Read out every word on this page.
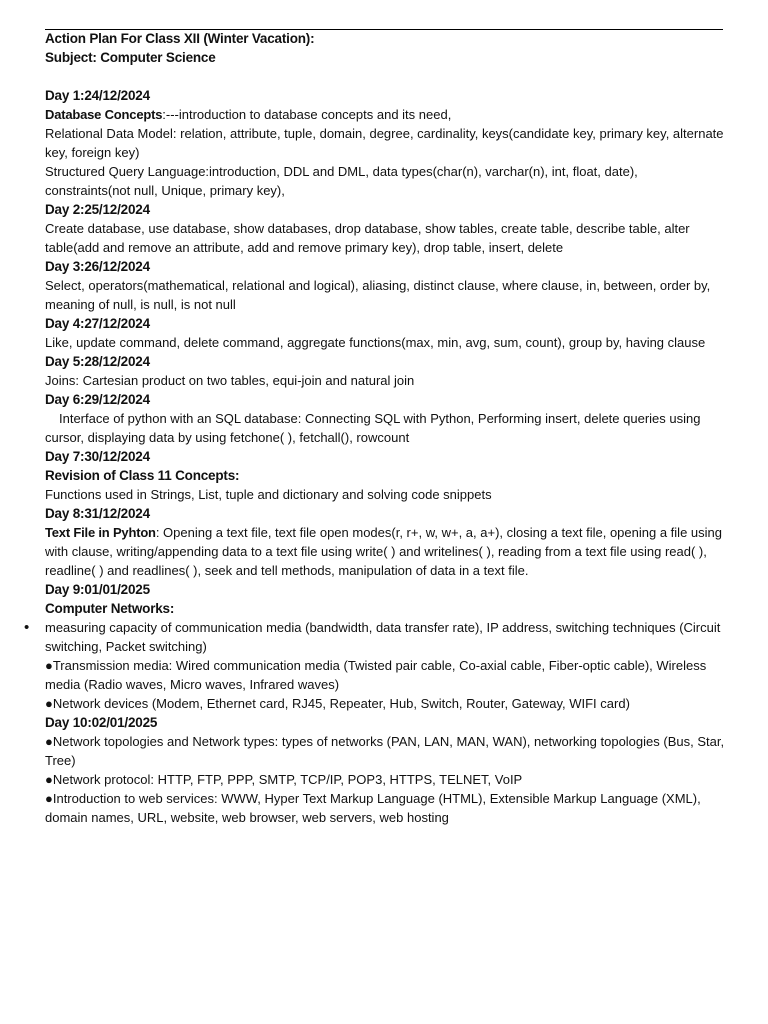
Action Plan For Class XII (Winter Vacation):
Subject: Computer Science
Day 1:24/12/2024
Database Concepts:---introduction to database concepts and its need,
Relational Data Model: relation, attribute, tuple, domain, degree, cardinality, keys(candidate key, primary key, alternate key, foreign key)
Structured Query Language:introduction, DDL and DML, data types(char(n), varchar(n), int, float, date), constraints(not null, Unique, primary key),
Day 2:25/12/2024
Create database, use database, show databases, drop database, show tables, create table, describe table, alter table(add and remove an attribute, add and remove primary key), drop table, insert, delete
Day 3:26/12/2024
Select, operators(mathematical, relational and logical), aliasing, distinct clause, where clause, in, between, order by, meaning of null, is null, is not null
Day 4:27/12/2024
Like, update command, delete command, aggregate functions(max, min, avg, sum, count), group by, having clause
Day 5:28/12/2024
Joins: Cartesian product on two tables, equi-join and natural join
Day 6:29/12/2024
Interface of python with an SQL database: Connecting SQL with Python, Performing insert, delete queries using cursor, displaying data by using fetchone( ), fetchall(), rowcount
Day 7:30/12/2024
Revision of Class 11 Concepts:
Functions used in Strings, List, tuple and dictionary and solving code snippets
Day 8:31/12/2024
Text File in Pyhton: Opening a text file, text file open modes(r, r+, w, w+, a, a+), closing a text file, opening a file using with clause, writing/appending data to a text file using write( ) and writelines( ), reading from a text file using read( ), readline( ) and readlines( ), seek and tell methods, manipulation of data in a text file.
Day 9:01/01/2025
Computer Networks:
• measuring capacity of communication media (bandwidth, data transfer rate), IP address, switching techniques (Circuit switching, Packet switching)
●Transmission media: Wired communication media (Twisted pair cable, Co-axial cable, Fiber-optic cable), Wireless media (Radio waves, Micro waves, Infrared waves)
●Network devices (Modem, Ethernet card, RJ45, Repeater, Hub, Switch, Router, Gateway, WIFI card)
Day 10:02/01/2025
●Network topologies and Network types: types of networks (PAN, LAN, MAN, WAN), networking topologies (Bus, Star, Tree)
●Network protocol: HTTP, FTP, PPP, SMTP, TCP/IP, POP3, HTTPS, TELNET, VoIP
●Introduction to web services: WWW, Hyper Text Markup Language (HTML), Extensible Markup Language (XML), domain names, URL, website, web browser, web servers, web hosting
